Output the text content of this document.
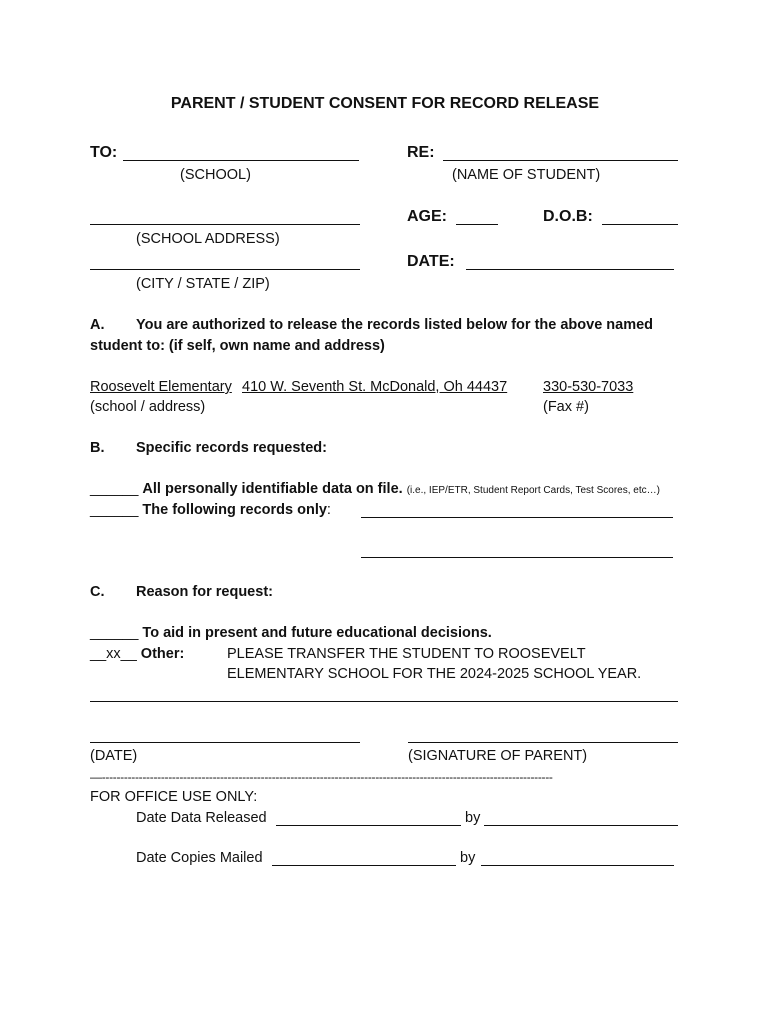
PARENT / STUDENT CONSENT FOR RECORD RELEASE
TO:
(SCHOOL)
RE:
(NAME OF STUDENT)
(SCHOOL ADDRESS)
AGE:	D.O.B:
(CITY / STATE / ZIP)
DATE:
A. You are authorized to release the records listed below for the above named
student to: (if self, own name and address)
Roosevelt Elementary 410 W. Seventh St. McDonald, Oh 44437 330-530-7033
(school / address)	(Fax #)
B. Specific records requested:
______ All personally identifiable data on file. (i.e., IEP/ETR, Student Report Cards, Test Scores, etc…)
______ The following records only:
C. Reason for request:
______ To aid in present and future educational decisions.
__xx__ Other:	PLEASE TRANSFER THE STUDENT TO ROOSEVELT
ELEMENTARY SCHOOL FOR THE 2024-2025 SCHOOL YEAR.
(DATE)	(SIGNATURE OF PARENT)
—--------------------------------------------------------------------------------------------------------------------------
FOR OFFICE USE ONLY:
Date Data Released	by
Date Copies Mailed	by
